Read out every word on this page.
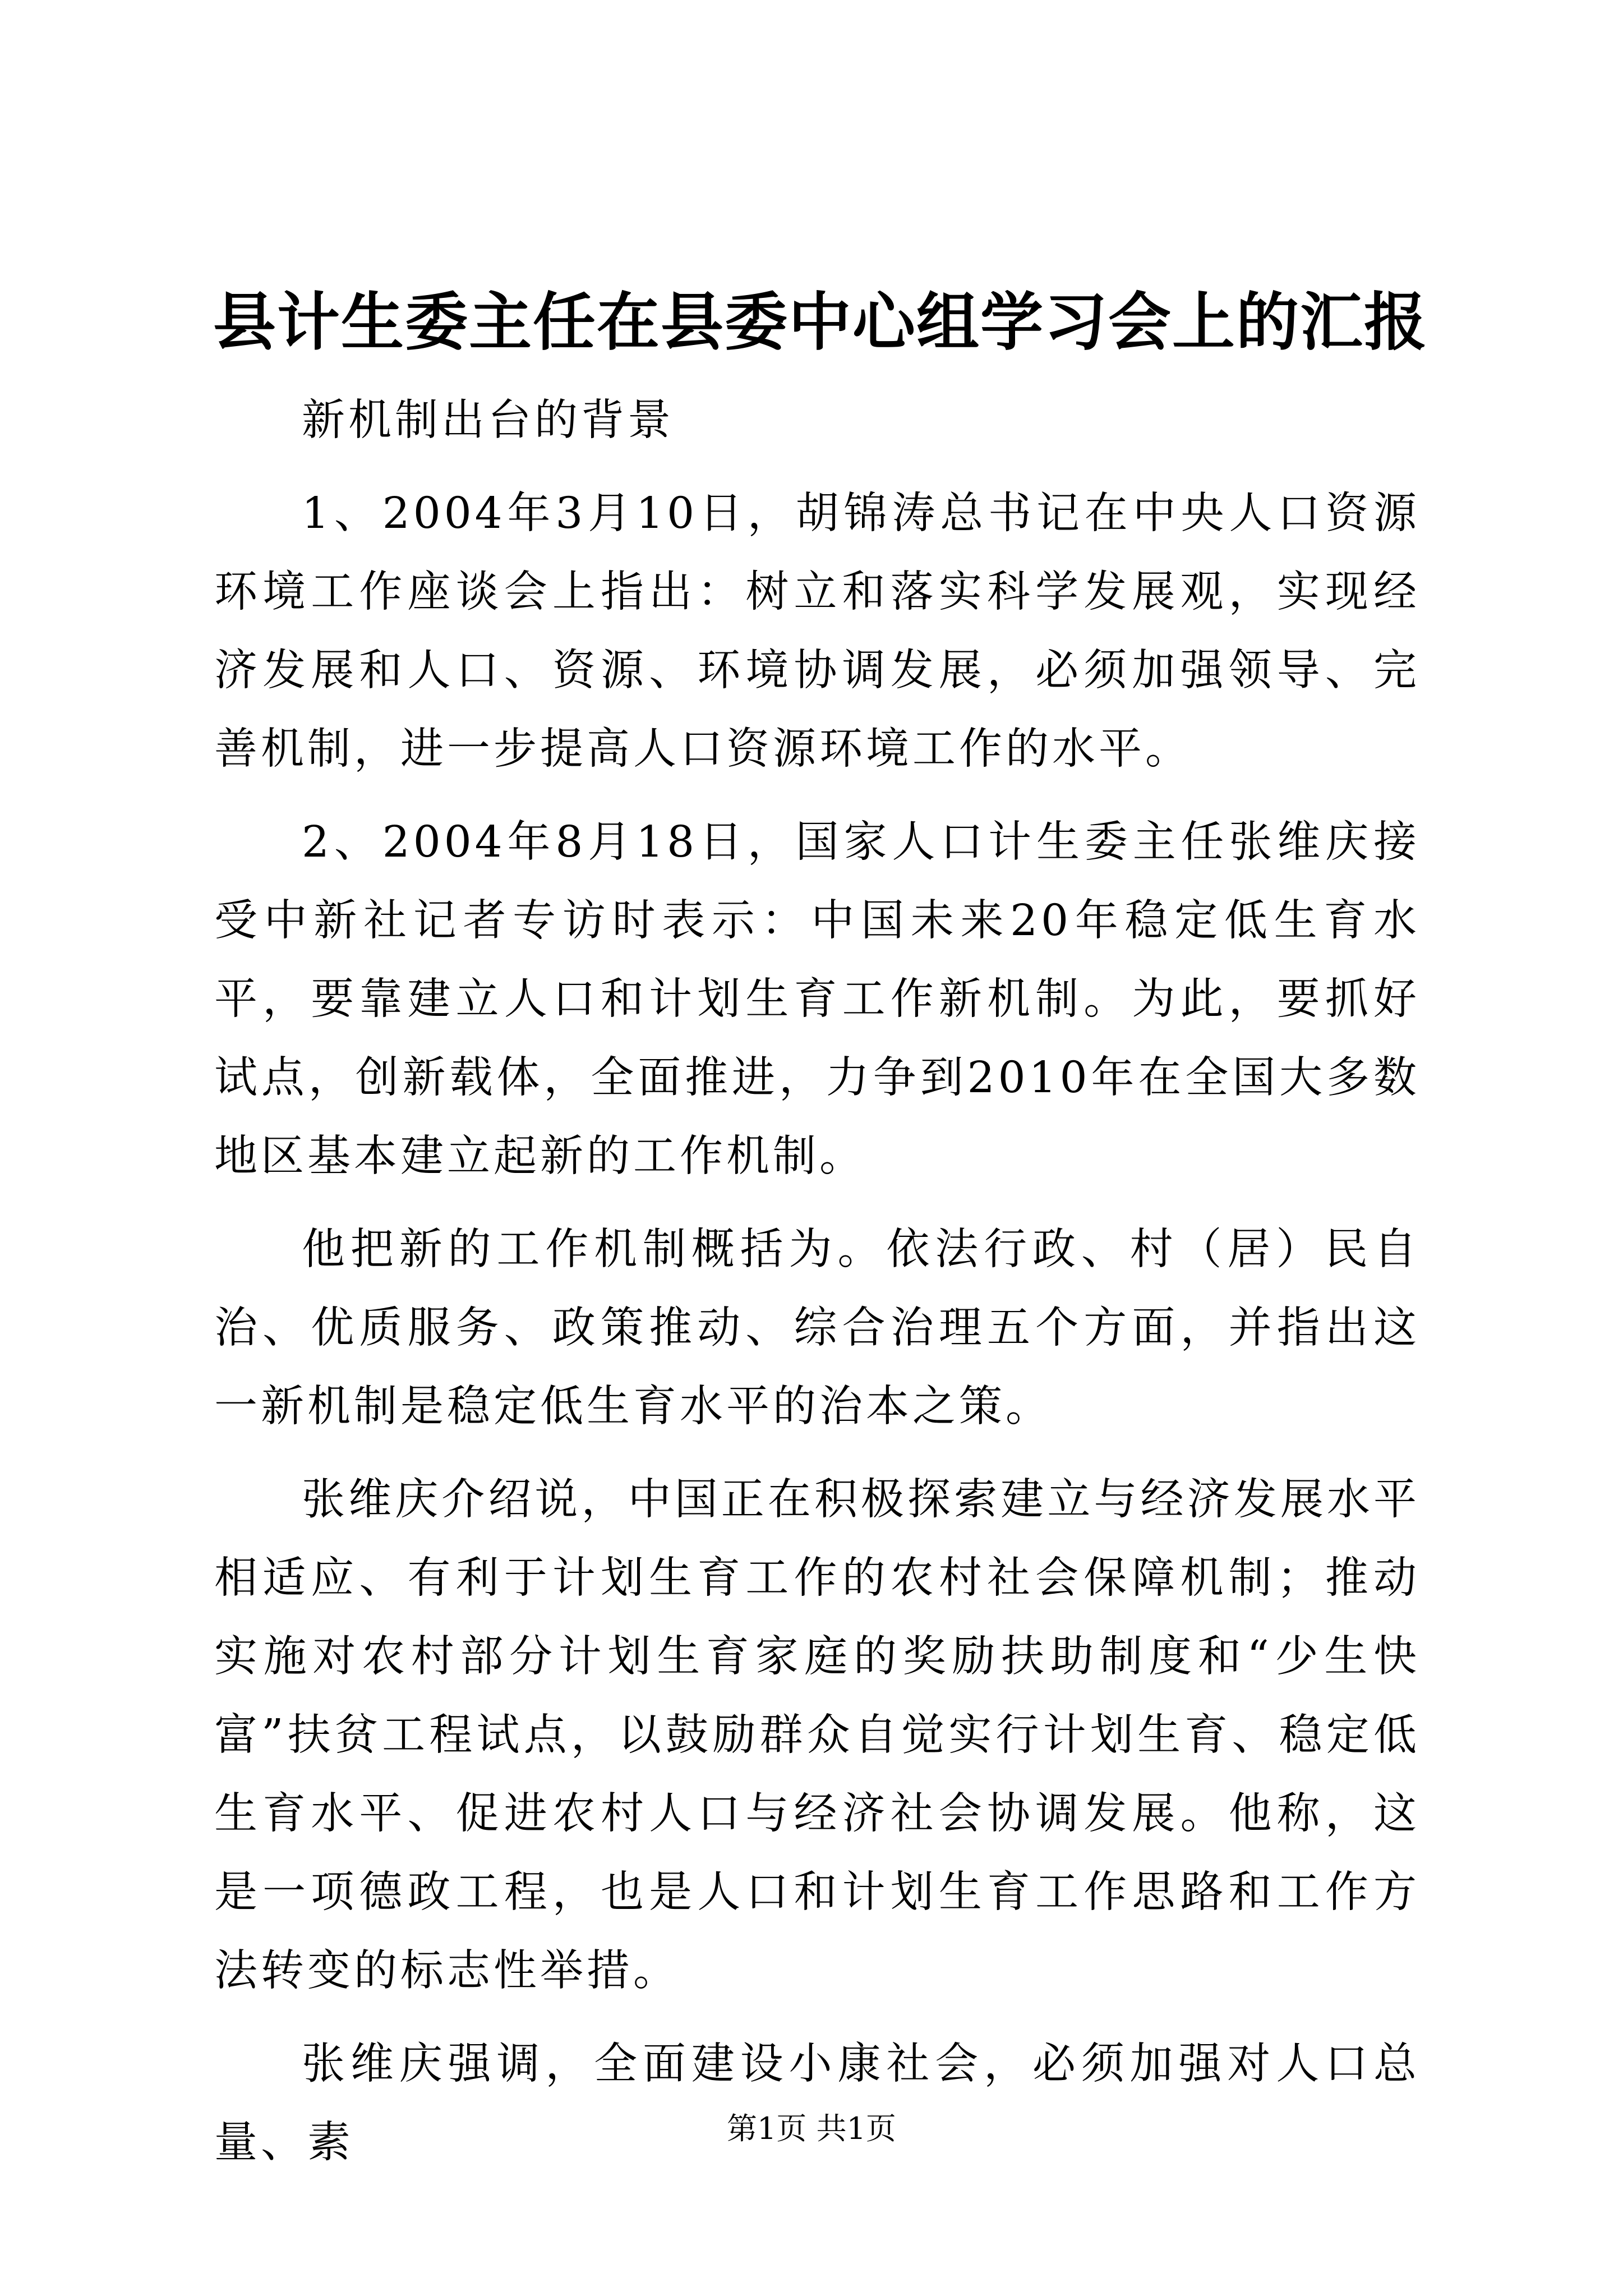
县计生委主任在县委中心组学习会上的汇报

新机制出台的背景

1、2004年3月10日，胡锦涛总书记在中央人口资源环境工作座谈会上指出：树立和落实科学发展观，实现经济发展和人口、资源、环境协调发展，必须加强领导、完善机制，进一步提高人口资源环境工作的水平。

2、2004年8月18日，国家人口计生委主任张维庆接受中新社记者专访时表示：中国未来20年稳定低生育水平，要靠建立人口和计划生育工作新机制。为此，要抓好试点，创新载体，全面推进，力争到2010年在全国大多数地区基本建立起新的工作机制。

他把新的工作机制概括为。依法行政、村（居）民自治、优质服务、政策推动、综合治理五个方面，并指出这一新机制是稳定低生育水平的治本之策。

张维庆介绍说，中国正在积极探索建立与经济发展水平相适应、有利于计划生育工作的农村社会保障机制；推动实施对农村部分计划生育家庭的奖励扶助制度和“少生快富”扶贫工程试点，以鼓励群众自觉实行计划生育、稳定低生育水平、促进农村人口与经济社会协调发展。他称，这是一项德政工程，也是人口和计划生育工作思路和工作方法转变的标志性举措。

张维庆强调，全面建设小康社会，必须加强对人口总量、素	第1页 共1页
